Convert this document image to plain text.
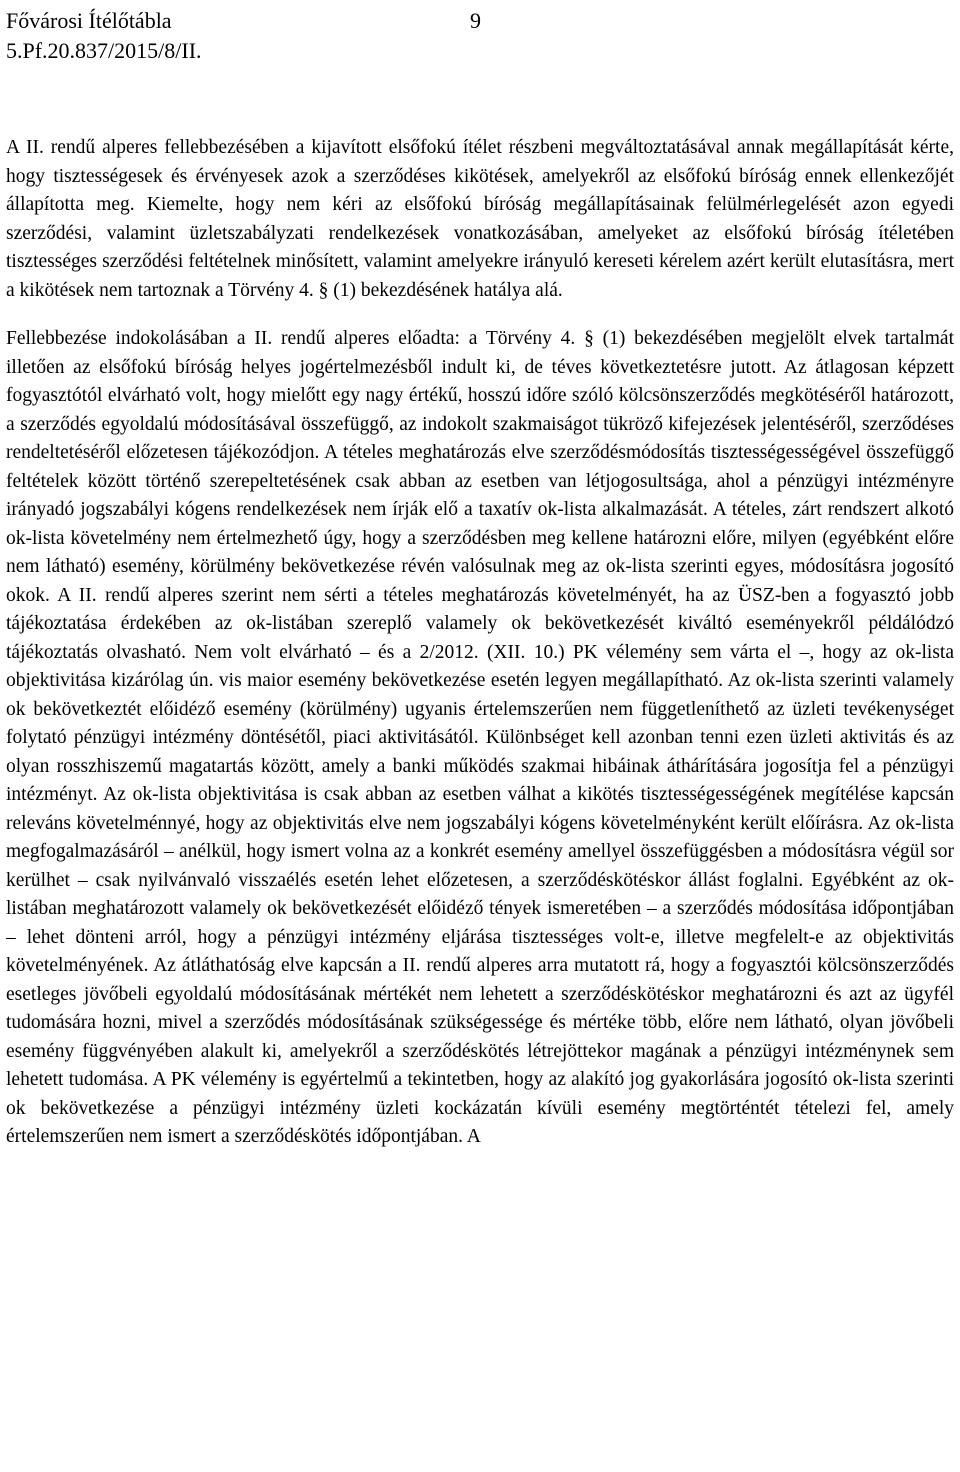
Fővárosi Ítélőtábla
5.Pf.20.837/2015/8/II.
9

A II. rendű alperes fellebbezésében a kijavított elsőfokú ítélet részbeni megváltoztatásával annak megállapítását kérte, hogy tisztességesek és érvényesek azok a szerződéses kikötések, amelyekről az elsőfokú bíróság ennek ellenkezőjét állapította meg. Kiemelte, hogy nem kéri az elsőfokú bíróság megállapításainak felülmérlegelését azon egyedi szerződési, valamint üzletszabályzati rendelkezések vonatkozásában, amelyeket az elsőfokú bíróság ítéletében tisztességes szerződési feltételnek minősített, valamint amelyekre irányuló kereseti kérelem azért került elutasításra, mert a kikötések nem tartoznak a Törvény 4. § (1) bekezdésének hatálya alá.

Fellebbezése indokolásában a II. rendű alperes előadta: a Törvény 4. § (1) bekezdésében megjelölt elvek tartalmát illetően az elsőfokú bíróság helyes jogértelmezésből indult ki, de téves következtetésre jutott. Az átlagosan képzett fogyasztótól elvárható volt, hogy mielőtt egy nagy értékű, hosszú időre szóló kölcsönszerződés megkötéséről határozott, a szerződés egyoldalú módosításával összefüggő, az indokolt szakmaiságot tükröző kifejezések jelentéséről, szerződéses rendeltetéséről előzetesen tájékozódjon. A tételes meghatározás elve szerződésmódosítás tisztességességével összefüggő feltételek között történő szerepeltetésének csak abban az esetben van létjogosultsága, ahol a pénzügyi intézményre irányadó jogszabályi kógens rendelkezések nem írják elő a taxatív ok-lista alkalmazását. A tételes, zárt rendszert alkotó ok-lista követelmény nem értelmezhető úgy, hogy a szerződésben meg kellene határozni előre, milyen (egyébként előre nem látható) esemény, körülmény bekövetkezése révén valósulnak meg az ok-lista szerinti egyes, módosításra jogosító okok. A II. rendű alperes szerint nem sérti a tételes meghatározás követelményét, ha az ÜSZ-ben a fogyasztó jobb tájékoztatása érdekében az ok-listában szereplő valamely ok bekövetkezését kiváltó eseményekről példálódzó tájékoztatás olvasható. Nem volt elvárható – és a 2/2012. (XII. 10.) PK vélemény sem várta el –, hogy az ok-lista objektivitása kizárólag ún. vis maior esemény bekövetkezése esetén legyen megállapítható. Az ok-lista szerinti valamely ok bekövetkeztét előidéző esemény (körülmény) ugyanis értelemszerűen nem függetleníthető az üzleti tevékenységet folytató pénzügyi intézmény döntésétől, piaci aktivitásától. Különbséget kell azonban tenni ezen üzleti aktivitás és az olyan rosszhiszemű magatartás között, amely a banki működés szakmai hibáinak áthárítására jogosítja fel a pénzügyi intézményt. Az ok-lista objektivitása is csak abban az esetben válhat a kikötés tisztességességének megítélése kapcsán releváns követelménnyé, hogy az objektivitás elve nem jogszabályi kógens követelményként került előírásra. Az ok-lista megfogalmazásáról – anélkül, hogy ismert volna az a konkrét esemény amellyel összefüggésben a módosításra végül sor kerülhet – csak nyilvánvaló visszaélés esetén lehet előzetesen, a szerződéskötéskor állást foglalni. Egyébként az ok-listában meghatározott valamely ok bekövetkezését előidéző tények ismeretében – a szerződés módosítása időpontjában – lehet dönteni arról, hogy a pénzügyi intézmény eljárása tisztességes volt-e, illetve megfelelt-e az objektivitás követelményének. Az átláthatóság elve kapcsán a II. rendű alperes arra mutatott rá, hogy a fogyasztói kölcsönszerződés esetleges jövőbeli egyoldalú módosításának mértékét nem lehetett a szerződéskötéskor meghatározni és azt az ügyfél tudomására hozni, mivel a szerződés módosításának szükségessége és mértéke több, előre nem látható, olyan jövőbeli esemény függvényében alakult ki, amelyekről a szerződéskötés létrejöttekor magának a pénzügyi intézménynek sem lehetett tudomása. A PK vélemény is egyértelmű a tekintetben, hogy az alakító jog gyakorlására jogosító ok-lista szerinti ok bekövetkezése a pénzügyi intézmény üzleti kockázatán kívüli esemény megtörténtét tételezi fel, amely értelemszerűen nem ismert a szerződéskötés időpontjában. A
